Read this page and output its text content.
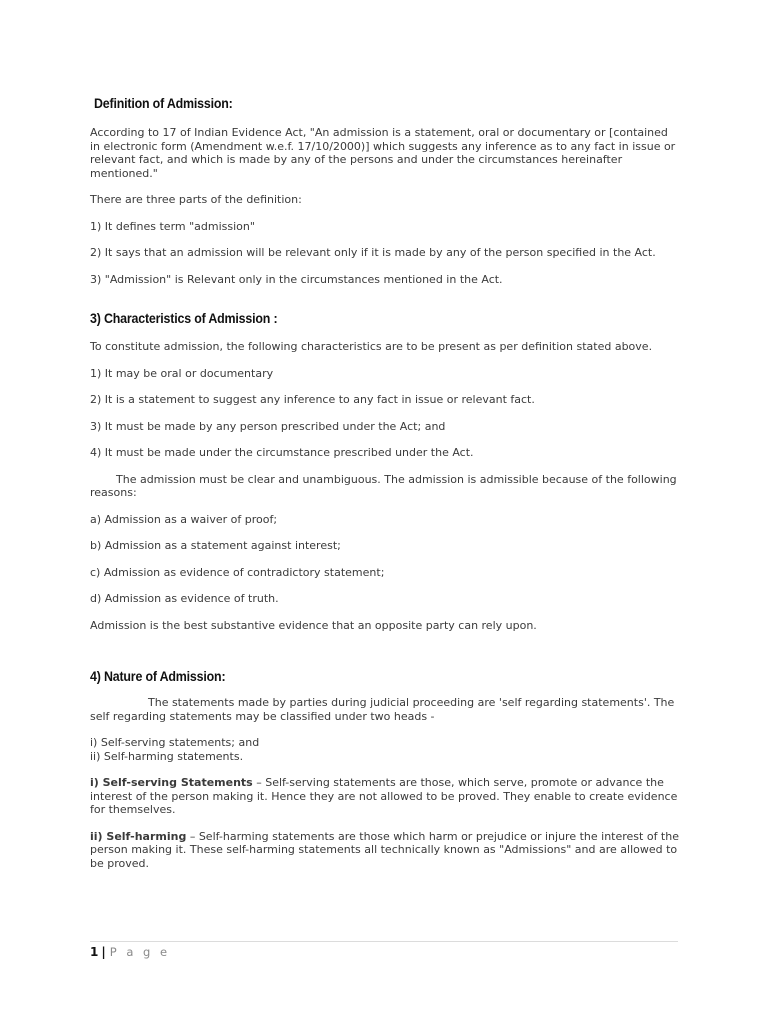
Definition of Admission:

According to 17 of Indian Evidence Act, "An admission is a statement, oral or documentary or [contained in electronic form (Amendment w.e.f. 17/10/2000)] which suggests any inference as to any fact in issue or relevant fact, and which is made by any of the persons and under the circumstances hereinafter mentioned."

There are three parts of the definition:

1) It defines term "admission"

2) It says that an admission will be relevant only if it is made by any of the person specified in the Act.

3) "Admission" is Relevant only in the circumstances mentioned in the Act.

3) Characteristics of Admission :

To constitute admission, the following characteristics are to be present as per definition stated above.

1) It may be oral or documentary

2) It is a statement to suggest any inference to any fact in issue or relevant fact.

3) It must be made by any person prescribed under the Act; and

4) It must be made under the circumstance prescribed under the Act.

The admission must be clear and unambiguous. The admission is admissible because of the following reasons:

a) Admission as a waiver of proof;

b) Admission as a statement against interest;

c) Admission as evidence of contradictory statement;

d) Admission as evidence of truth.

Admission is the best substantive evidence that an opposite party can rely upon.

4) Nature of Admission:

The statements made by parties during judicial proceeding are 'self regarding statements'. The self regarding statements may be classified under two heads -

i) Self-serving statements; and

ii) Self-harming statements.

i) Self-serving Statements – Self-serving statements are those, which serve, promote or advance the interest of the person making it. Hence they are not allowed to be proved. They enable to create evidence for themselves.

ii) Self-harming – Self-harming statements are those which harm or prejudice or injure the interest of the person making it. These self-harming statements all technically known as "Admissions" and are allowed to be proved.

1 | P a g e
